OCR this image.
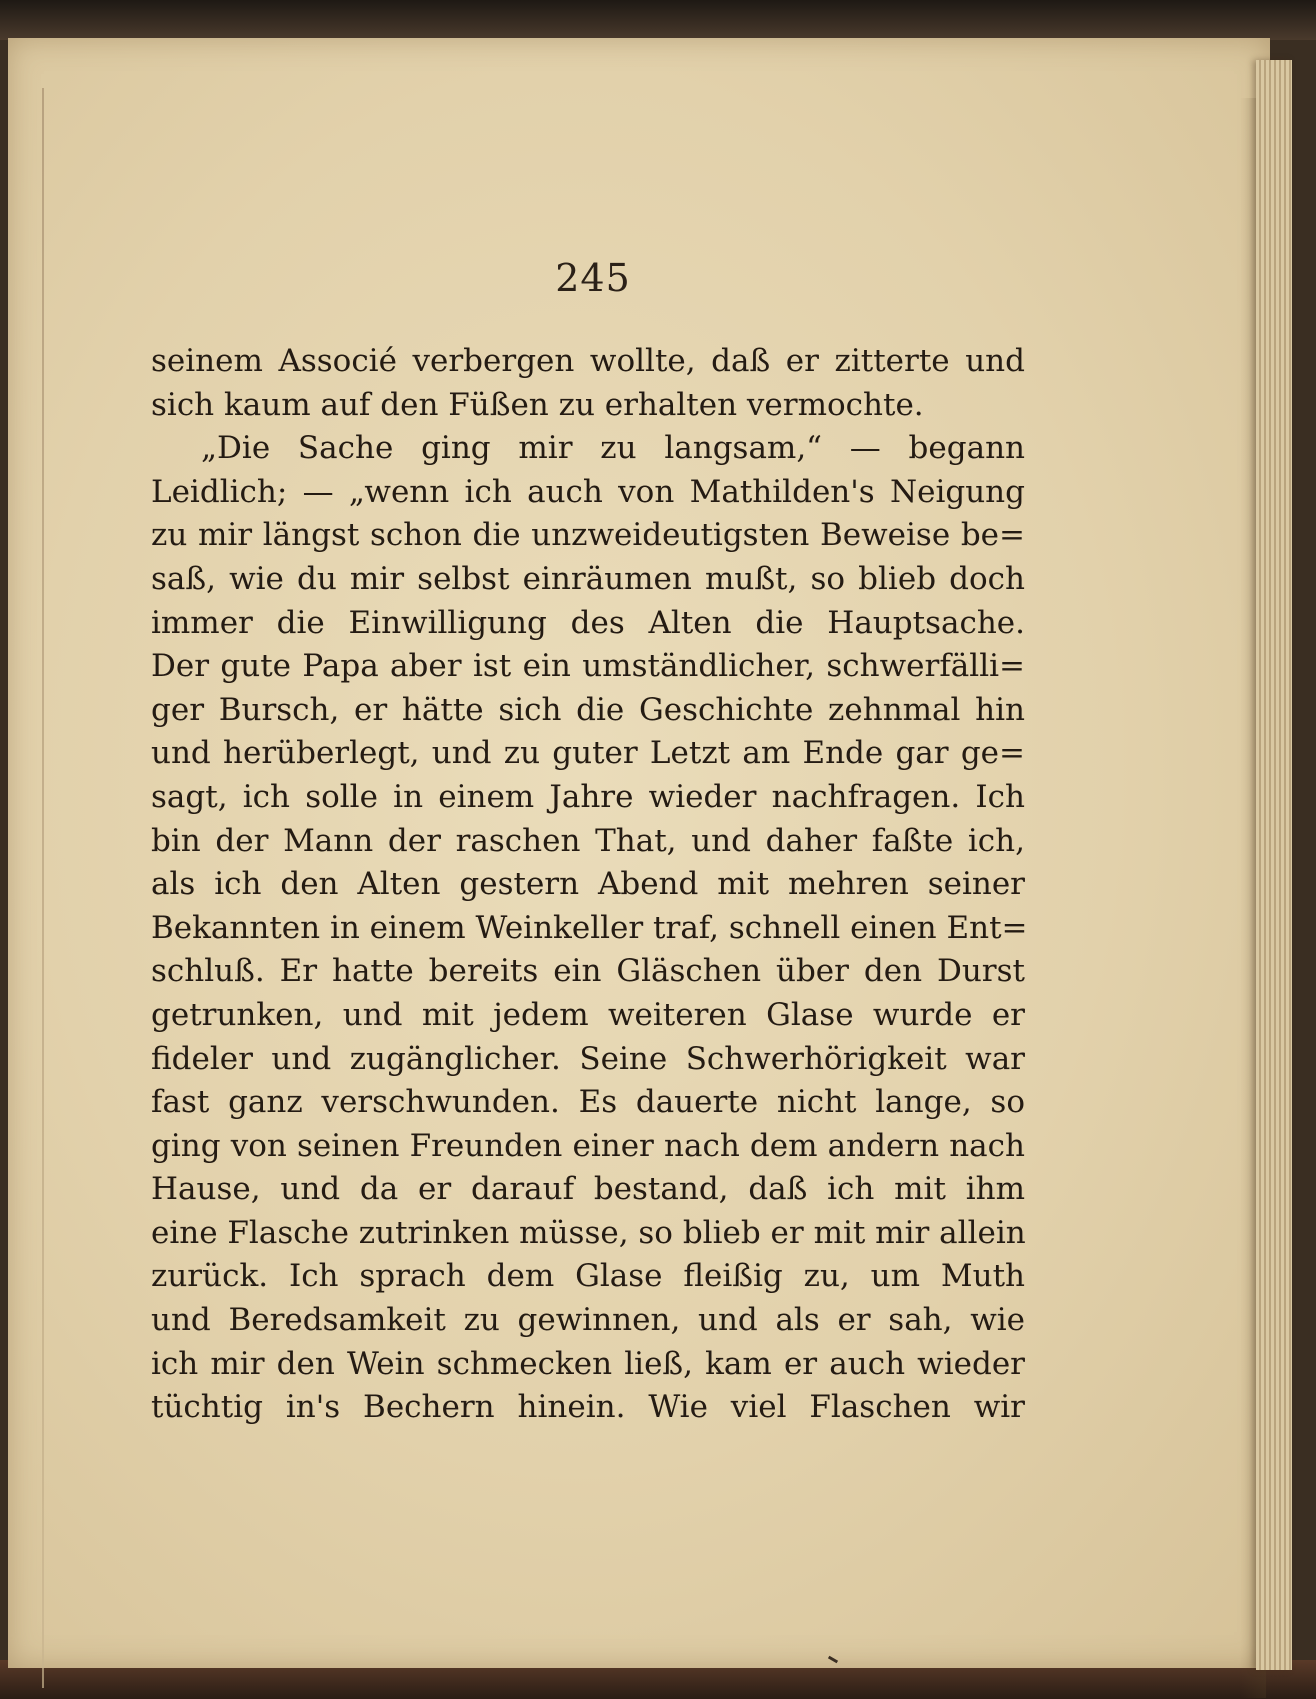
245
seinem Associé verbergen wollte, daß er zitterte und
sich kaum auf den Füßen zu erhalten vermochte.
„Die Sache ging mir zu langsam,“ — begann
Leidlich; — „wenn ich auch von Mathilden's Neigung
zu mir längst schon die unzweideutigsten Beweise be=
saß, wie du mir selbst einräumen mußt, so blieb doch
immer die Einwilligung des Alten die Hauptsache.
Der gute Papa aber ist ein umständlicher, schwerfälli=
ger Bursch, er hätte sich die Geschichte zehnmal hin
und herüberlegt, und zu guter Letzt am Ende gar ge=
sagt, ich solle in einem Jahre wieder nachfragen. Ich
bin der Mann der raschen That, und daher faßte ich,
als ich den Alten gestern Abend mit mehren seiner
Bekannten in einem Weinkeller traf, schnell einen Ent=
schluß. Er hatte bereits ein Gläschen über den Durst
getrunken, und mit jedem weiteren Glase wurde er
fideler und zugänglicher. Seine Schwerhörigkeit war
fast ganz verschwunden. Es dauerte nicht lange, so
ging von seinen Freunden einer nach dem andern nach
Hause, und da er darauf bestand, daß ich mit ihm
eine Flasche zutrinken müsse, so blieb er mit mir allein
zurück. Ich sprach dem Glase fleißig zu, um Muth
und Beredsamkeit zu gewinnen, und als er sah, wie
ich mir den Wein schmecken ließ, kam er auch wieder
tüchtig in's Bechern hinein. Wie viel Flaschen wir
